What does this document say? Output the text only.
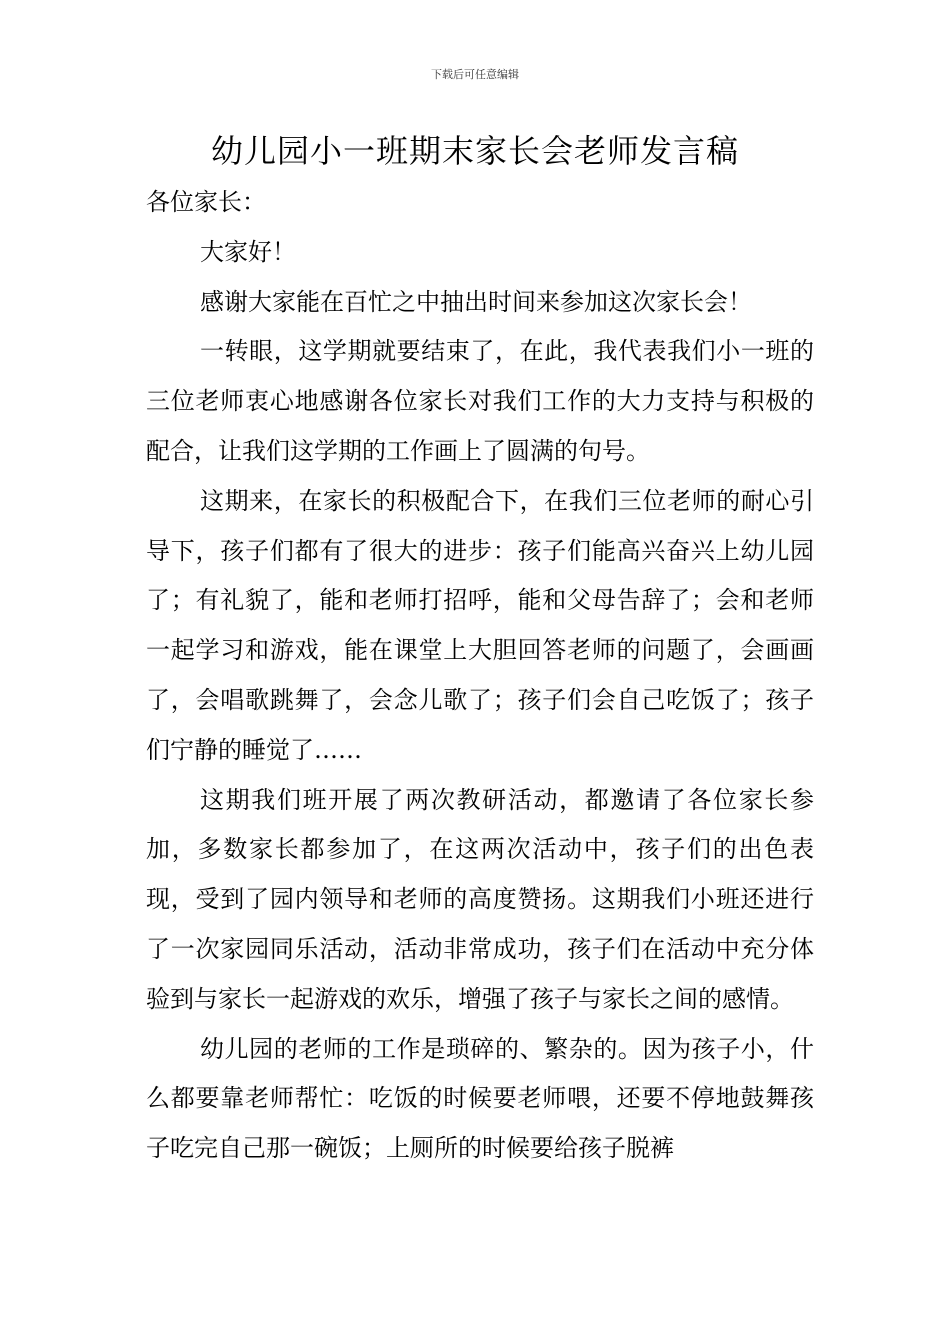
下载后可任意编辑
幼儿园小一班期末家长会老师发言稿

各位家长：

大家好！

感谢大家能在百忙之中抽出时间来参加这次家长会！

一转眼，这学期就要结束了，在此，我代表我们小一班的三位老师衷心地感谢各位家长对我们工作的大力支持与积极的配合，让我们这学期的工作画上了圆满的句号。

这期来，在家长的积极配合下，在我们三位老师的耐心引导下，孩子们都有了很大的进步：孩子们能高兴奋兴上幼儿园了；有礼貌了，能和老师打招呼，能和父母告辞了；会和老师一起学习和游戏，能在课堂上大胆回答老师的问题了，会画画了，会唱歌跳舞了，会念儿歌了；孩子们会自己吃饭了；孩子们宁静的睡觉了……

这期我们班开展了两次教研活动，都邀请了各位家长参加，多数家长都参加了，在这两次活动中，孩子们的出色表现，受到了园内领导和老师的高度赞扬。这期我们小班还进行了一次家园同乐活动，活动非常成功，孩子们在活动中充分体验到与家长一起游戏的欢乐，增强了孩子与家长之间的感情。

幼儿园的老师的工作是琐碎的、繁杂的。因为孩子小，什么都要靠老师帮忙：吃饭的时候要老师喂，还要不停地鼓舞孩子吃完自己那一碗饭；上厕所的时候要给孩子脱裤
